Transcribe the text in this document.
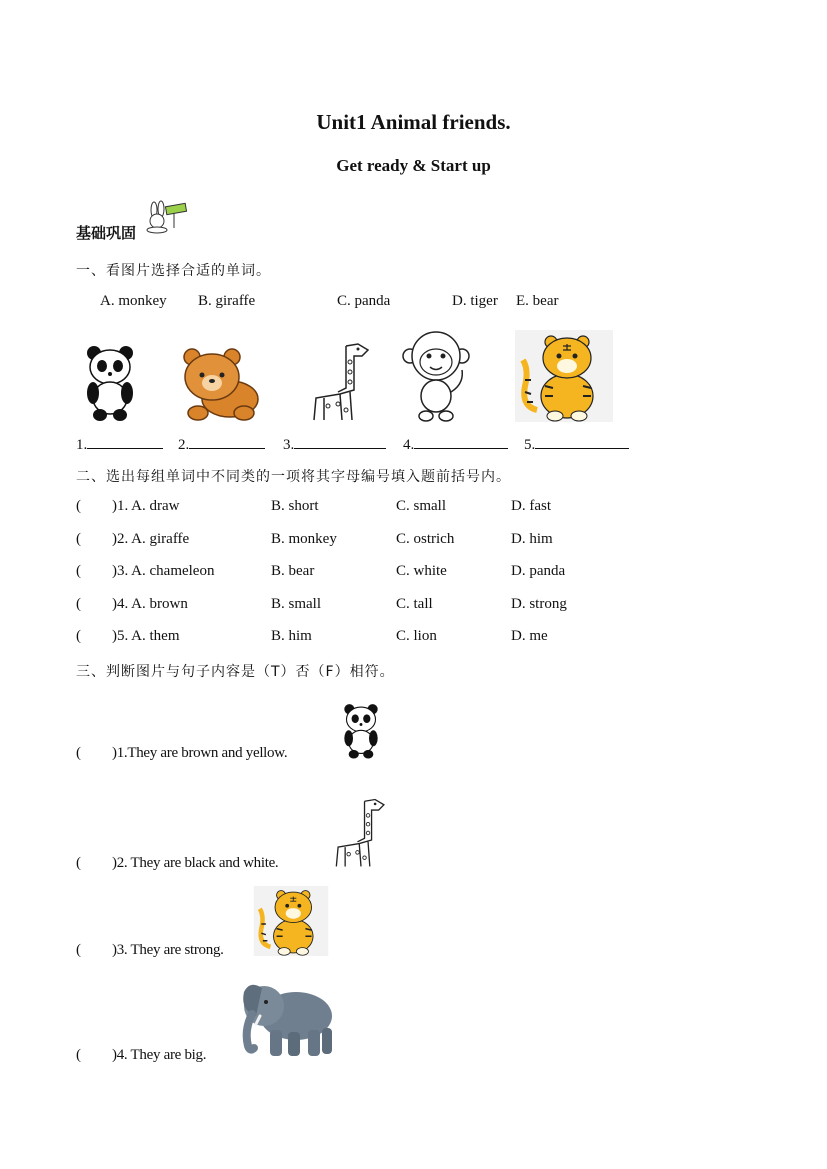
Unit1 Animal friends.
Get ready & Start up
基础巩固
一、看图片选择合适的单词。
A. monkey B. giraffe	C. panda	D. tiger E. bear
1.	2.	3.	4.	5.
二、选出每组单词中不同类的一项将其字母编号填入题前括号内。
( )1. A. draw	B. short	C. small	D. fast
( )2. A. giraffe	B. monkey	C. ostrich	D. him
( )3. A. chameleon	B. bear	C. white	D. panda
( )4. A. brown	B. small	C. tall	D. strong
( )5. A. them	B. him	C. lion	D. me
三、判断图片与句子内容是（T）否（F）相符。
( )1.They are brown and yellow.
( )2. They are black and white.
( )3. They are strong.
( )4. They are big.
